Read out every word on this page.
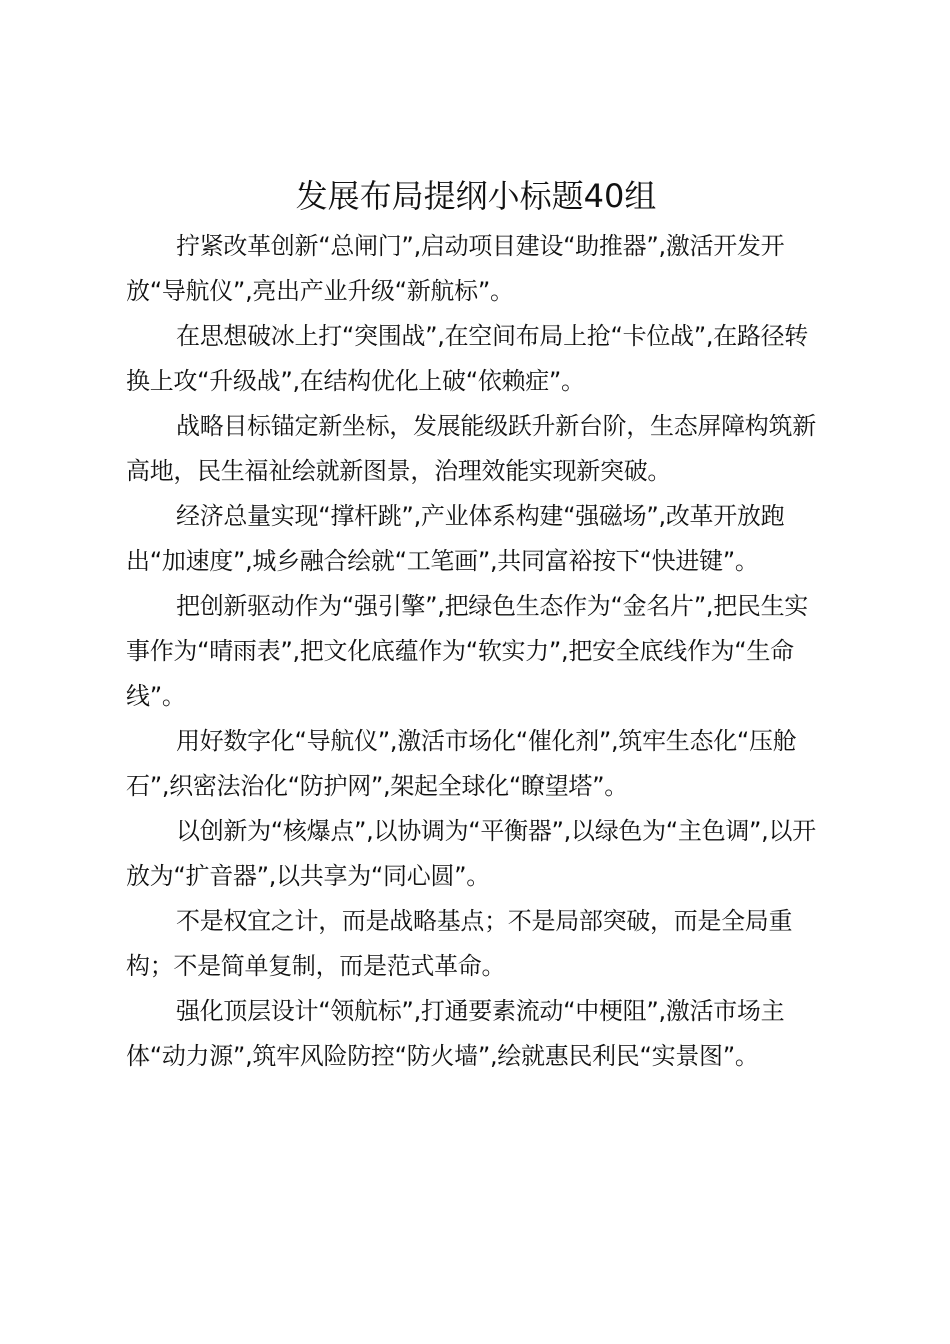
发展布局提纲小标题40组

拧紧改革创新“总闸门”,启动项目建设“助推器”,激活开发开放“导航仪”,亮出产业升级“新航标”。

在思想破冰上打“突围战”,在空间布局上抢“卡位战”,在路径转换上攻“升级战”,在结构优化上破“依赖症”。

战略目标锚定新坐标，发展能级跃升新台阶，生态屏障构筑新高地，民生福祉绘就新图景，治理效能实现新突破。

经济总量实现“撑杆跳”,产业体系构建“强磁场”,改革开放跑出“加速度”,城乡融合绘就“工笔画”,共同富裕按下“快进键”。

把创新驱动作为“强引擎”,把绿色生态作为“金名片”,把民生实事作为“晴雨表”,把文化底蕴作为“软实力”,把安全底线作为“生命线”。

用好数字化“导航仪”,激活市场化“催化剂”,筑牢生态化“压舱石”,织密法治化“防护网”,架起全球化“瞭望塔”。

以创新为“核爆点”,以协调为“平衡器”,以绿色为“主色调”,以开放为“扩音器”,以共享为“同心圆”。

不是权宜之计，而是战略基点；不是局部突破，而是全局重构；不是简单复制，而是范式革命。

强化顶层设计“领航标”,打通要素流动“中梗阻”,激活市场主体“动力源”,筑牢风险防控“防火墙”,绘就惠民利民“实景图”。
